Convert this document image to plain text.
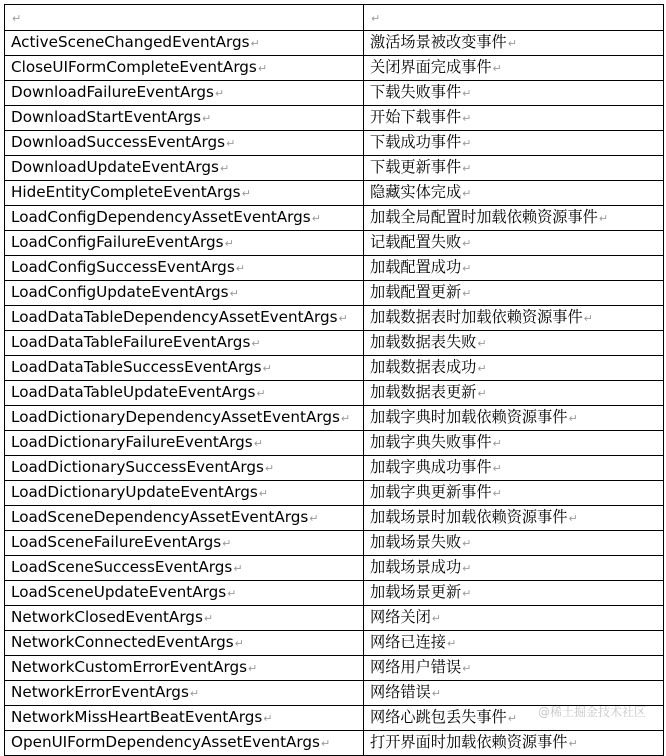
↵	↵
ActiveSceneChangedEventArgs↵	激活场景被改变事件↵
CloseUIFormCompleteEventArgs↵	关闭界面完成事件↵
DownloadFailureEventArgs↵	下载失败事件↵
DownloadStartEventArgs↵	开始下载事件↵
DownloadSuccessEventArgs↵	下载成功事件↵
DownloadUpdateEventArgs↵	下载更新事件↵
HideEntityCompleteEventArgs↵	隐藏实体完成↵
LoadConfigDependencyAssetEventArgs↵	加载全局配置时加载依赖资源事件↵
LoadConfigFailureEventArgs↵	记载配置失败↵
LoadConfigSuccessEventArgs↵	加载配置成功↵
LoadConfigUpdateEventArgs↵	加载配置更新↵
LoadDataTableDependencyAssetEventArgs↵	加载数据表时加载依赖资源事件↵
LoadDataTableFailureEventArgs↵	加载数据表失败↵
LoadDataTableSuccessEventArgs↵	加载数据表成功↵
LoadDataTableUpdateEventArgs↵	加载数据表更新↵
LoadDictionaryDependencyAssetEventArgs↵	加载字典时加载依赖资源事件↵
LoadDictionaryFailureEventArgs↵	加载字典失败事件↵
LoadDictionarySuccessEventArgs↵	加载字典成功事件↵
LoadDictionaryUpdateEventArgs↵	加载字典更新事件↵
LoadSceneDependencyAssetEventArgs↵	加载场景时加载依赖资源事件↵
LoadSceneFailureEventArgs↵	加载场景失败↵
LoadSceneSuccessEventArgs↵	加载场景成功↵
LoadSceneUpdateEventArgs↵	加载场景更新↵
NetworkClosedEventArgs↵	网络关闭↵
NetworkConnectedEventArgs↵	网络已连接↵
NetworkCustomErrorEventArgs↵	网络用户错误↵
NetworkErrorEventArgs↵	网络错误↵
NetworkMissHeartBeatEventArgs↵	网络心跳包丢失事件↵
OpenUIFormDependencyAssetEventArgs↵	打开界面时加载依赖资源事件↵
@稀土掘金技术社区
